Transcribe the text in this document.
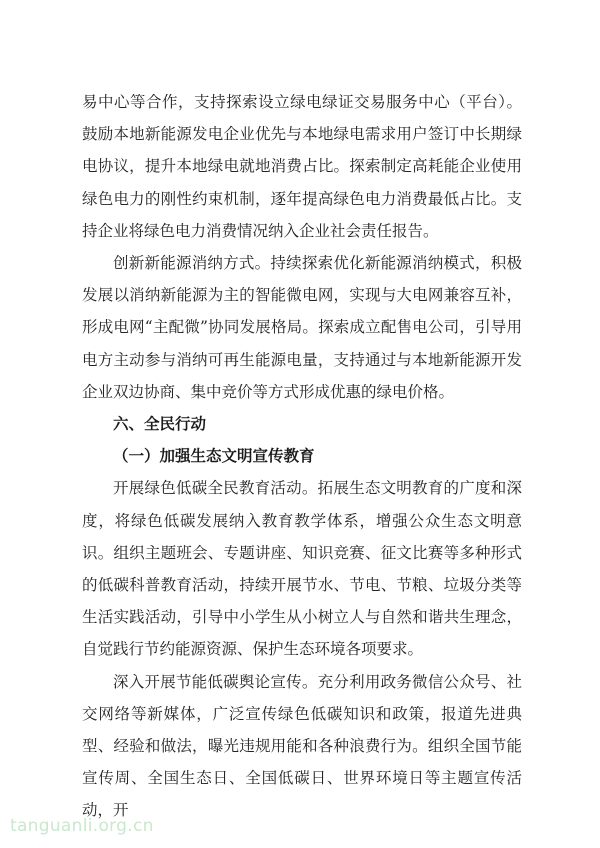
易中心等合作，支持探索设立绿电绿证交易服务中心（平台）。鼓励本地新能源发电企业优先与本地绿电需求用户签订中长期绿电协议，提升本地绿电就地消费占比。探索制定高耗能企业使用绿色电力的刚性约束机制，逐年提高绿色电力消费最低占比。支持企业将绿色电力消费情况纳入企业社会责任报告。

创新新能源消纳方式。持续探索优化新能源消纳模式，积极发展以消纳新能源为主的智能微电网，实现与大电网兼容互补，形成电网“主配微”协同发展格局。探索成立配售电公司，引导用电方主动参与消纳可再生能源电量，支持通过与本地新能源开发企业双边协商、集中竞价等方式形成优惠的绿电价格。

六、全民行动

（一）加强生态文明宣传教育

开展绿色低碳全民教育活动。拓展生态文明教育的广度和深度，将绿色低碳发展纳入教育教学体系，增强公众生态文明意识。组织主题班会、专题讲座、知识竞赛、征文比赛等多种形式的低碳科普教育活动，持续开展节水、节电、节粮、垃圾分类等生活实践活动，引导中小学生从小树立人与自然和谐共生理念，自觉践行节约能源资源、保护生态环境各项要求。

深入开展节能低碳舆论宣传。充分利用政务微信公众号、社交网络等新媒体，广泛宣传绿色低碳知识和政策，报道先进典型、经验和做法，曝光违规用能和各种浪费行为。组织全国节能宣传周、全国生态日、全国低碳日、世界环境日等主题宣传活动，开

tanguanli.org.cn
